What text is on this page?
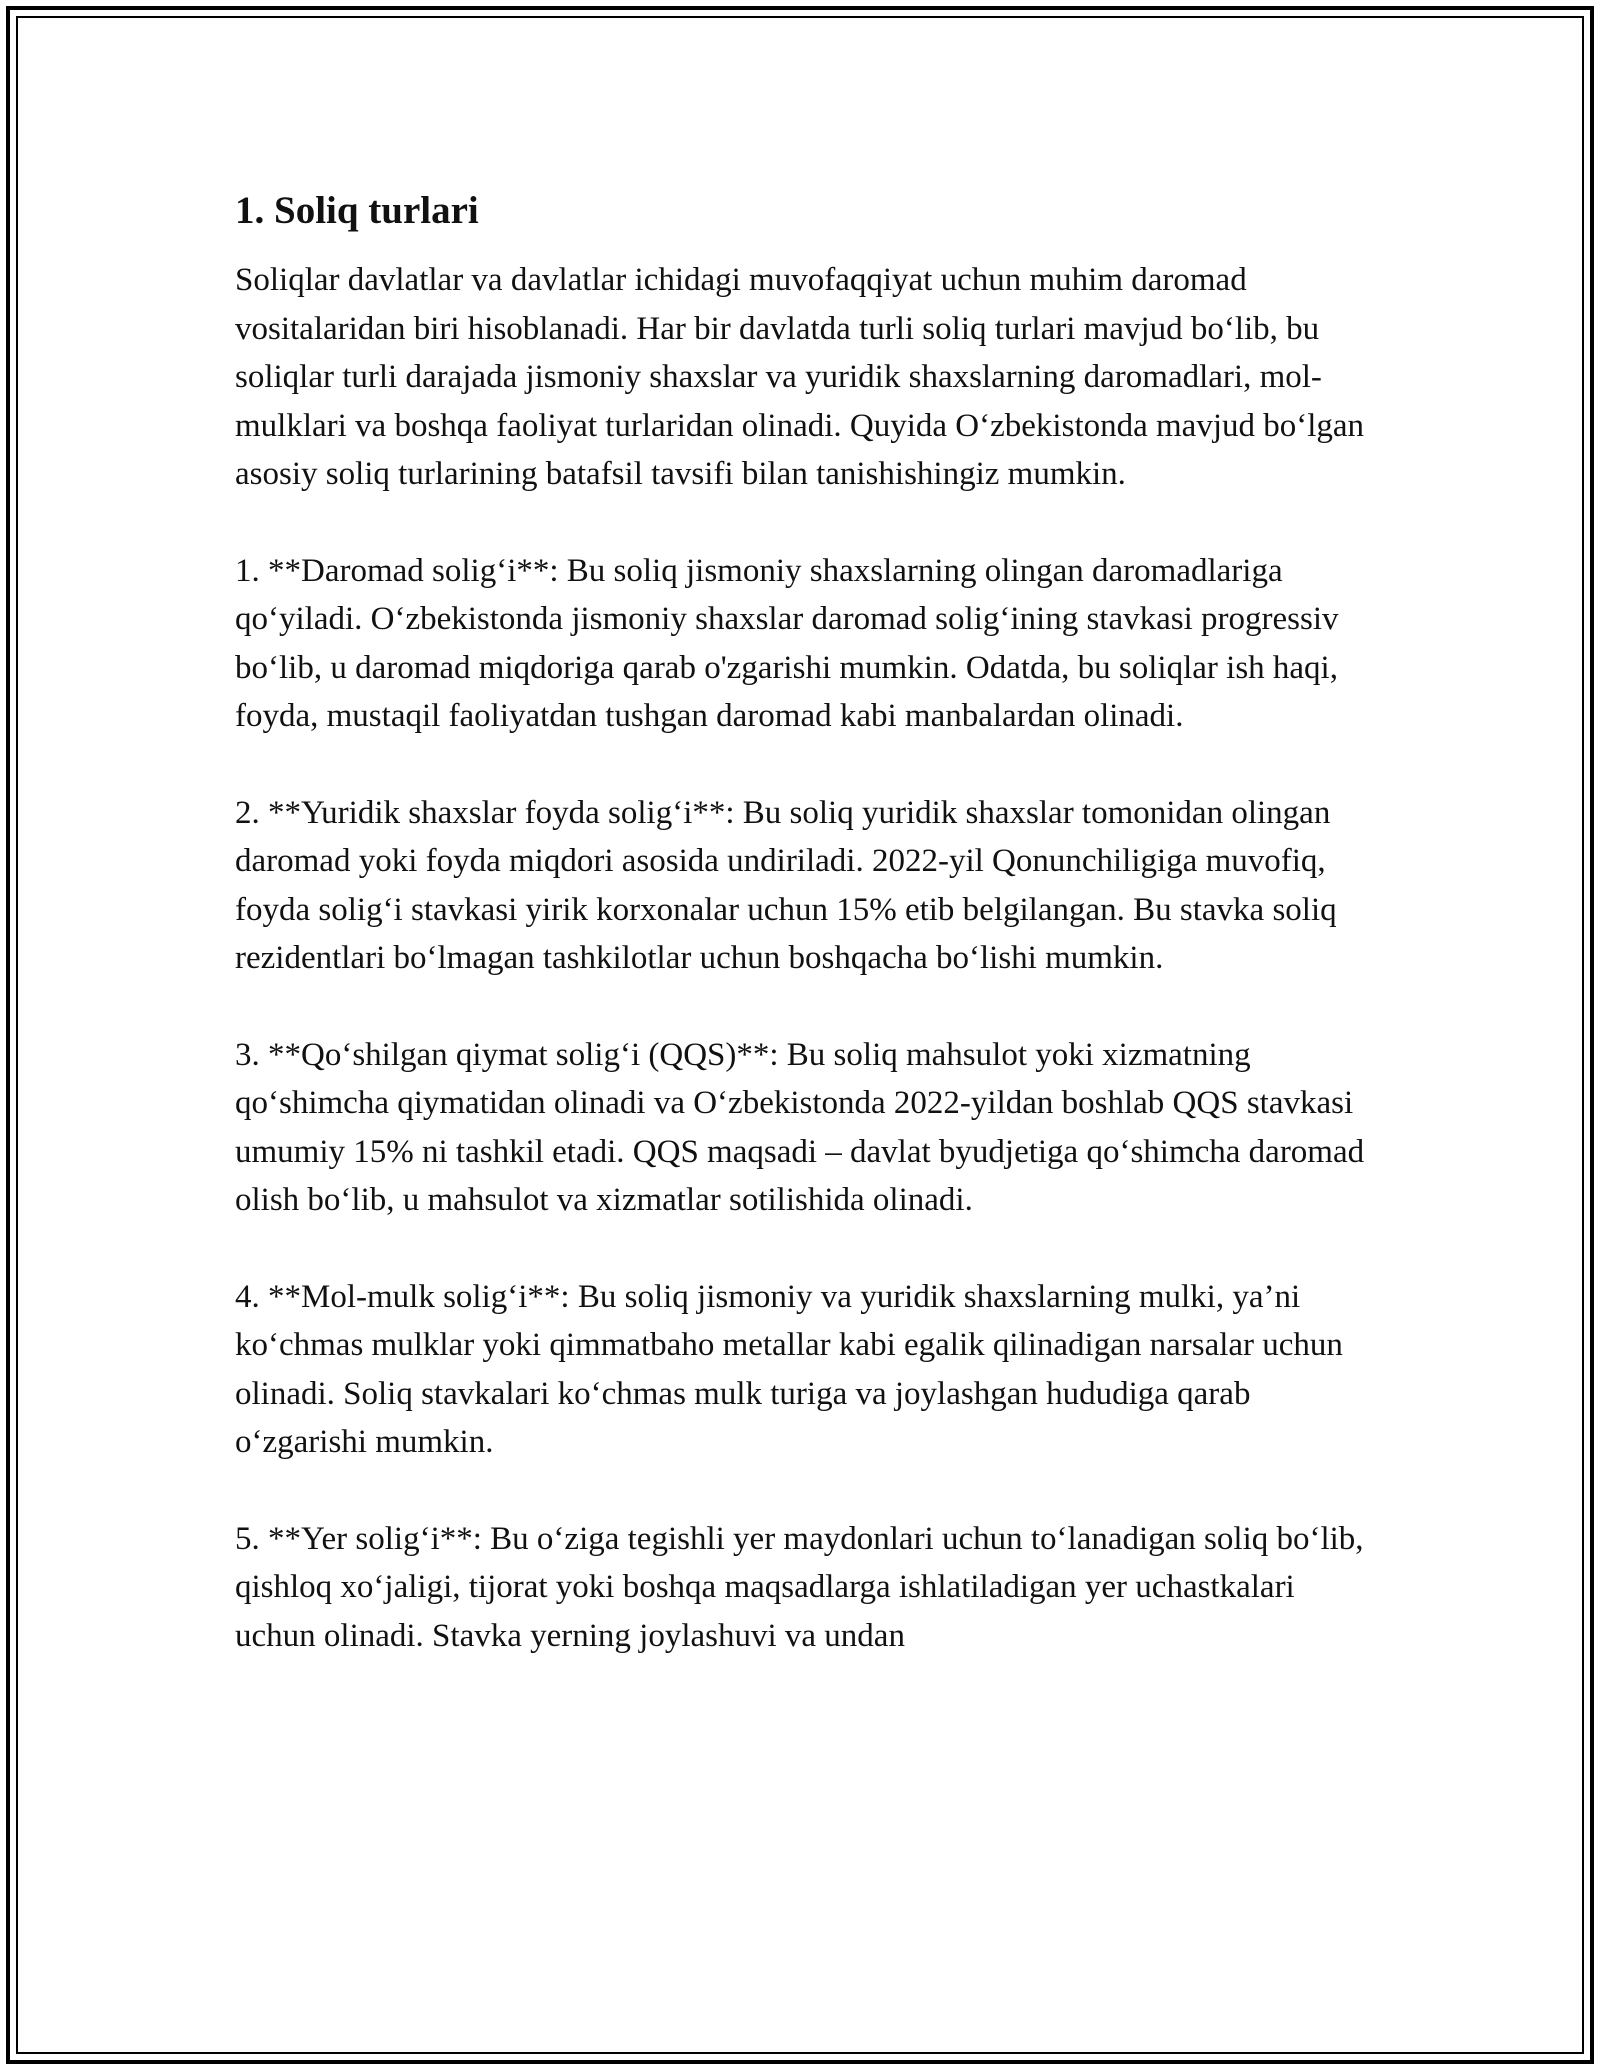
1. Soliq turlari

Soliqlar davlatlar va davlatlar ichidagi muvofaqqiyat uchun muhim daromad vositalaridan biri hisoblanadi. Har bir davlatda turli soliq turlari mavjud bo‘lib, bu soliqlar turli darajada jismoniy shaxslar va yuridik shaxslarning daromadlari, mol-mulklari va boshqa faoliyat turlaridan olinadi. Quyida O‘zbekistonda mavjud bo‘lgan asosiy soliq turlarining batafsil tavsifi bilan tanishishingiz mumkin.

1. **Daromad solig‘i**: Bu soliq jismoniy shaxslarning olingan daromadlariga qo‘yiladi. O‘zbekistonda jismoniy shaxslar daromad solig‘ining stavkasi progressiv bo‘lib, u daromad miqdoriga qarab o'zgarishi mumkin. Odatda, bu soliqlar ish haqi, foyda, mustaqil faoliyatdan tushgan daromad kabi manbalardan olinadi.

2. **Yuridik shaxslar foyda solig‘i**: Bu soliq yuridik shaxslar tomonidan olingan daromad yoki foyda miqdori asosida undiriladi. 2022-yil Qonunchiligiga muvofiq, foyda solig‘i stavkasi yirik korxonalar uchun 15% etib belgilangan. Bu stavka soliq rezidentlari bo‘lmagan tashkilotlar uchun boshqacha bo‘lishi mumkin.

3. **Qo‘shilgan qiymat solig‘i (QQS)**: Bu soliq mahsulot yoki xizmatning qo‘shimcha qiymatidan olinadi va O‘zbekistonda 2022-yildan boshlab QQS stavkasi umumiy 15% ni tashkil etadi. QQS maqsadi – davlat byudjetiga qo‘shimcha daromad olish bo‘lib, u mahsulot va xizmatlar sotilishida olinadi.

4. **Mol-mulk solig‘i**: Bu soliq jismoniy va yuridik shaxslarning mulki, ya’ni ko‘chmas mulklar yoki qimmatbaho metallar kabi egalik qilinadigan narsalar uchun olinadi. Soliq stavkalari ko‘chmas mulk turiga va joylashgan hududiga qarab o‘zgarishi mumkin.

5. **Yer solig‘i**: Bu o‘ziga tegishli yer maydonlari uchun to‘lanadigan soliq bo‘lib, qishloq xo‘jaligi, tijorat yoki boshqa maqsadlarga ishlatiladigan yer uchastkalari uchun olinadi. Stavka yerning joylashuvi va undan
